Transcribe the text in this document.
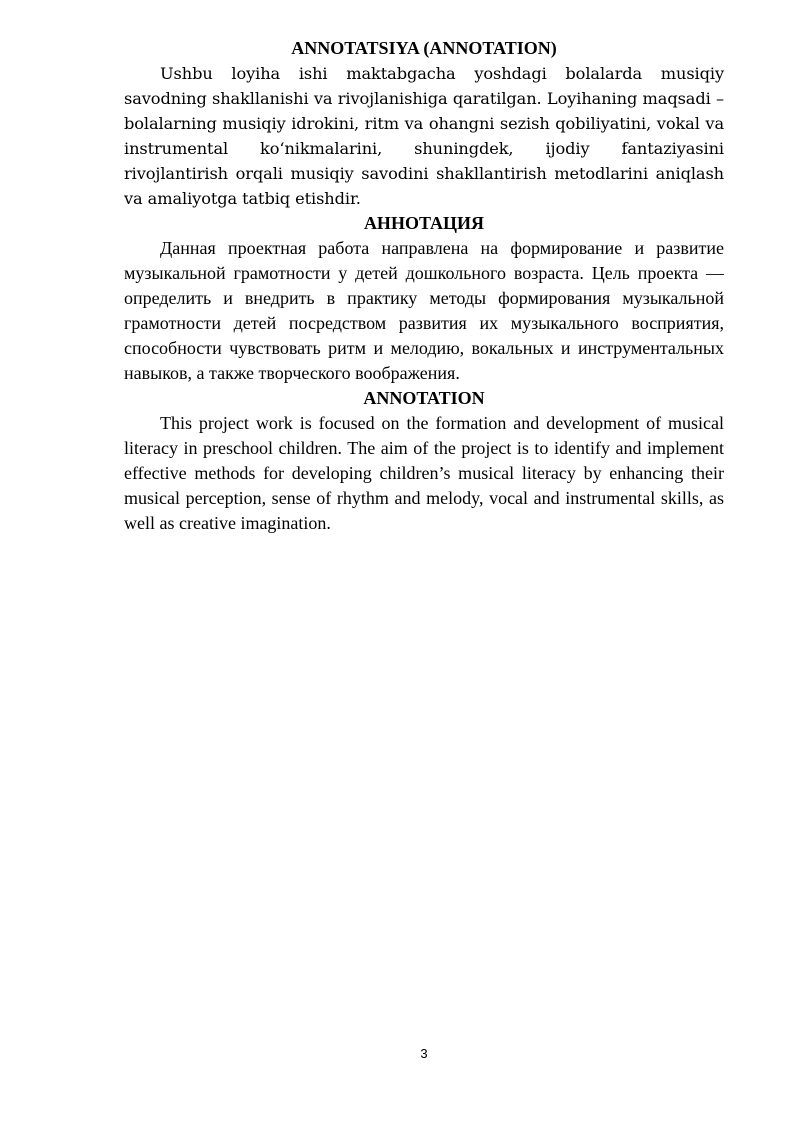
ANNOTATSIYA (ANNOTATION)

Ushbu loyiha ishi maktabgacha yoshdagi bolalarda musiqiy savodning shakllanishi va rivojlanishiga qaratilgan. Loyihaning maqsadi – bolalarning musiqiy idrokini, ritm va ohangni sezish qobiliyatini, vokal va instrumental ko‘nikmalarini, shuningdek, ijodiy fantaziyasini rivojlantirish orqali musiqiy savodini shakllantirish metodlarini aniqlash va amaliyotga tatbiq etishdir.

АННОТАЦИЯ

Данная проектная работа направлена на формирование и развитие музыкальной грамотности у детей дошкольного возраста. Цель проекта — определить и внедрить в практику методы формирования музыкальной грамотности детей посредством развития их музыкального восприятия, способности чувствовать ритм и мелодию, вокальных и инструментальных навыков, а также творческого воображения.

ANNOTATION

This project work is focused on the formation and development of musical literacy in preschool children. The aim of the project is to identify and implement effective methods for developing children’s musical literacy by enhancing their musical perception, sense of rhythm and melody, vocal and instrumental skills, as well as creative imagination.

3
